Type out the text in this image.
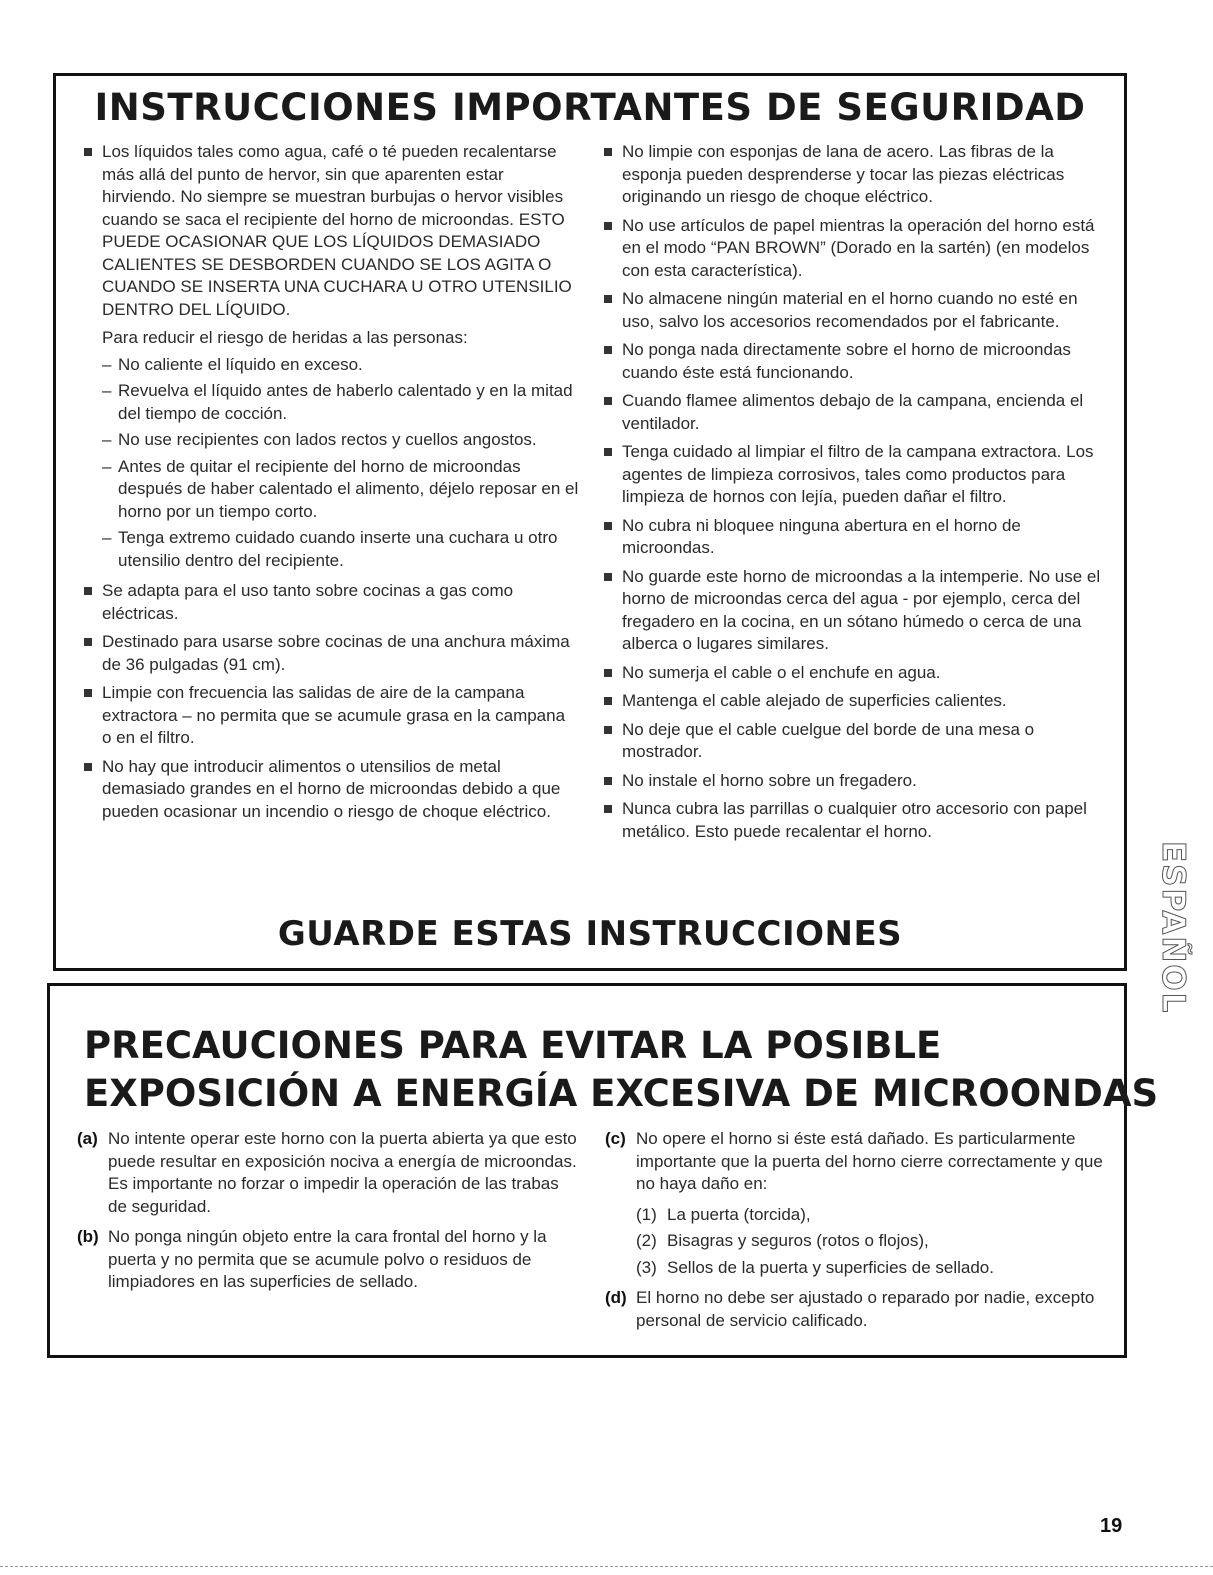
INSTRUCCIONES IMPORTANTES DE SEGURIDAD
Los líquidos tales como agua, café o té pueden recalentarse más allá del punto de hervor, sin que aparenten estar hirviendo. No siempre se muestran burbujas o hervor visibles cuando se saca el recipiente del horno de microondas. ESTO PUEDE OCASIONAR QUE LOS LÍQUIDOS DEMASIADO CALIENTES SE DESBORDEN CUANDO SE LOS AGITA O CUANDO SE INSERTA UNA CUCHARA U OTRO UTENSILIO DENTRO DEL LÍQUIDO.

Para reducir el riesgo de heridas a las personas:

– No caliente el líquido en exceso.
– Revuelva el líquido antes de haberlo calentado y en la mitad del tiempo de cocción.
– No use recipientes con lados rectos y cuellos angostos.
– Antes de quitar el recipiente del horno de microondas después de haber calentado el alimento, déjelo reposar en el horno por un tiempo corto.
– Tenga extremo cuidado cuando inserte una cuchara u otro utensilio dentro del recipiente.
Se adapta para el uso tanto sobre cocinas a gas como eléctricas.
Destinado para usarse sobre cocinas de una anchura máxima de 36 pulgadas (91 cm).
Limpie con frecuencia las salidas de aire de la campana extractora – no permita que se acumule grasa en la campana o en el filtro.
No hay que introducir alimentos o utensilios de metal demasiado grandes en el horno de microondas debido a que pueden ocasionar un incendio o riesgo de choque eléctrico.
No limpie con esponjas de lana de acero. Las fibras de la esponja pueden desprenderse y tocar las piezas eléctricas originando un riesgo de choque eléctrico.
No use artículos de papel mientras la operación del horno está en el modo “PAN BROWN” (Dorado en la sartén) (en modelos con esta característica).
No almacene ningún material en el horno cuando no esté en uso, salvo los accesorios recomendados por el fabricante.
No ponga nada directamente sobre el horno de microondas cuando éste está funcionando.
Cuando flamee alimentos debajo de la campana, encienda el ventilador.
Tenga cuidado al limpiar el filtro de la campana extractora. Los agentes de limpieza corrosivos, tales como productos para limpieza de hornos con lejía, pueden dañar el filtro.
No cubra ni bloquee ninguna abertura en el horno de microondas.
No guarde este horno de microondas a la intemperie. No use el horno de microondas cerca del agua - por ejemplo, cerca del fregadero en la cocina, en un sótano húmedo o cerca de una alberca o lugares similares.
No sumerja el cable o el enchufe en agua.
Mantenga el cable alejado de superficies calientes.
No deje que el cable cuelgue del borde de una mesa o mostrador.
No instale el horno sobre un fregadero.
Nunca cubra las parrillas o cualquier otro accesorio con papel metálico. Esto puede recalentar el horno.
GUARDE ESTAS INSTRUCCIONES
PRECAUCIONES PARA EVITAR LA POSIBLE
EXPOSICIÓN A ENERGÍA EXCESIVA DE MICROONDAS
(a) No intente operar este horno con la puerta abierta ya que esto puede resultar en exposición nociva a energía de microondas. Es importante no forzar o impedir la operación de las trabas de seguridad.
(b) No ponga ningún objeto entre la cara frontal del horno y la puerta y no permita que se acumule polvo o residuos de limpiadores en las superficies de sellado.
(c) No opere el horno si éste está dañado. Es particularmente importante que la puerta del horno cierre correctamente y que no haya daño en:
(1) La puerta (torcida),
(2) Bisagras y seguros (rotos o flojos),
(3) Sellos de la puerta y superficies de sellado.
(d) El horno no debe ser ajustado o reparado por nadie, excepto personal de servicio calificado.
ESPAÑOL
19
